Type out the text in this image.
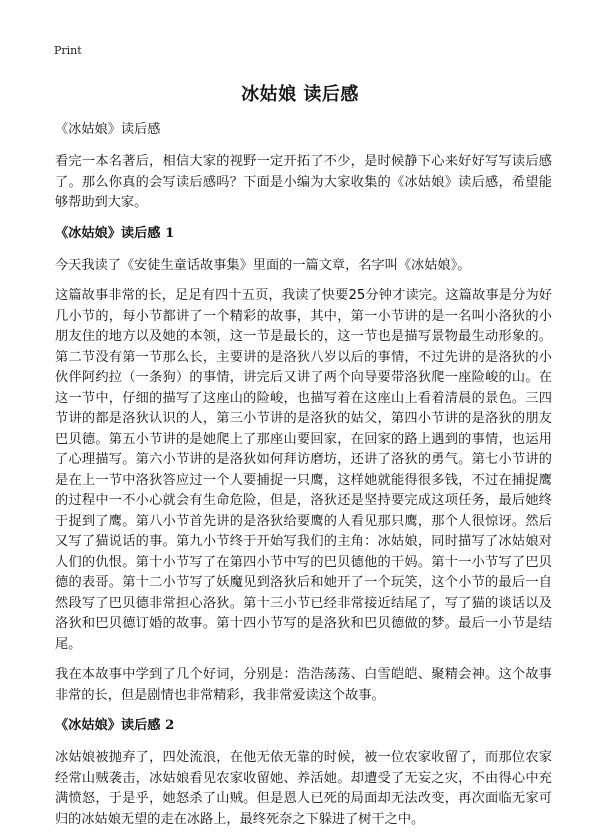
Print
冰姑娘 读后感
《冰姑娘》读后感

看完一本名著后，相信大家的视野一定开拓了不少，是时候静下心来好好写写读后感了。那么你真的会写读后感吗？下面是小编为大家收集的《冰姑娘》读后感，希望能够帮助到大家。

《冰姑娘》读后感 1

今天我读了《安徒生童话故事集》里面的一篇文章，名字叫《冰姑娘》。

这篇故事非常的长，足足有四十五页，我读了快要25分钟才读完。这篇故事是分为好几小节的，每小节都讲了一个精彩的故事，其中，第一小节讲的是一名叫小洛狄的小朋友住的地方以及她的本领，这一节是最长的，这一节也是描写景物最生动形象的。第二节没有第一节那么长，主要讲的是洛狄八岁以后的事情，不过先讲的是洛狄的小伙伴阿约拉（一条狗）的事情，讲完后又讲了两个向导要带洛狄爬一座险峻的山。在这一节中，仔细的描写了这座山的险峻，也描写着在这座山上看着清晨的景色。三四节讲的都是洛狄认识的人，第三小节讲的是洛狄的姑父，第四小节讲的是洛狄的朋友巴贝德。第五小节讲的是她爬上了那座山要回家，在回家的路上遇到的事情，也运用了心理描写。第六小节讲的是洛狄如何拜访磨坊，还讲了洛狄的勇气。第七小节讲的是在上一节中洛狄答应过一个人要捕捉一只鹰，这样她就能得很多钱，不过在捕捉鹰的过程中一不小心就会有生命危险，但是，洛狄还是坚持要完成这项任务，最后她终于捉到了鹰。第八小节首先讲的是洛狄给要鹰的人看见那只鹰，那个人很惊讶。然后又写了猫说话的事。第九小节终于开始写我们的主角：冰姑娘，同时描写了冰姑娘对人们的仇恨。第十小节写了在第四小节中写的巴贝德他的干妈。第十一小节写了巴贝德的表哥。第十二小节写了妖魔见到洛狄后和她开了一个玩笑，这个小节的最后一自然段写了巴贝德非常担心洛狄。第十三小节已经非常接近结尾了，写了猫的谈话以及洛狄和巴贝德订婚的故事。第十四小节写的是洛狄和巴贝德做的梦。最后一小节是结尾。

我在本故事中学到了几个好词，分别是：浩浩荡荡、白雪皑皑、聚精会神。这个故事非常的长，但是剧情也非常精彩，我非常爱读这个故事。

《冰姑娘》读后感 2

冰姑娘被抛弃了，四处流浪，在他无依无靠的时候，被一位农家收留了，而那位农家经常山贼袭击，冰姑娘看见农家收留她、养活她。却遭受了无妄之灾，不由得心中充满愤怒，于是乎，她怒杀了山贼。但是恩人已死的局面却无法改变，再次面临无家可归的冰姑娘无望的走在冰路上，最终死奈之下躲进了树干之中。
